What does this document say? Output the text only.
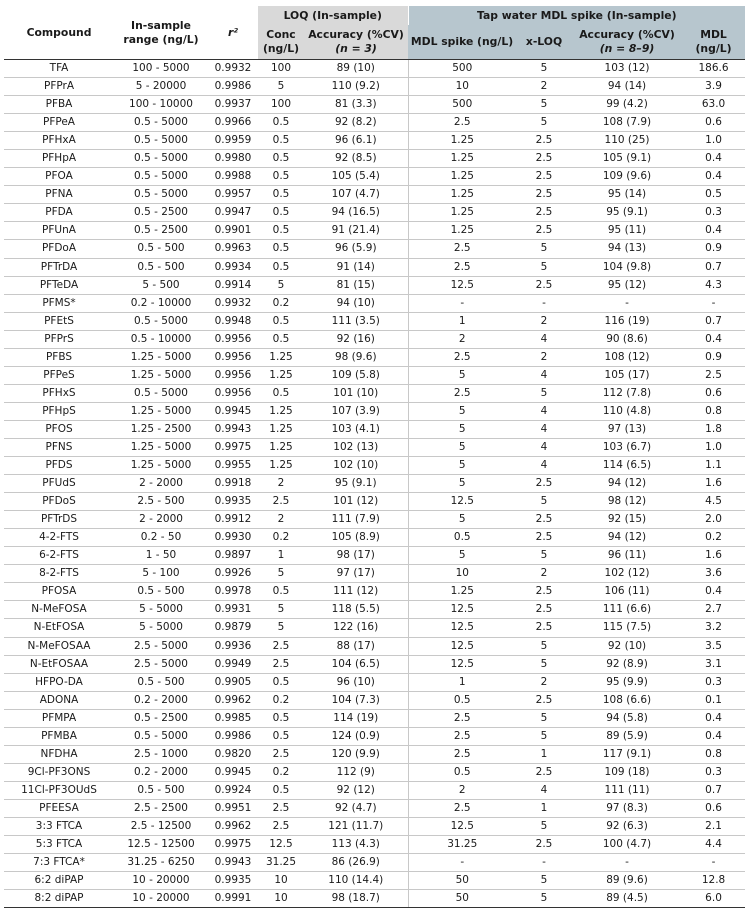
Compound	In-sample
range (ng/L)	r²	LOQ (In-sample)		Tap water MDL spike (In-sample)			
			Conc
(ng/L)	Accuracy (%CV)
(n = 3)	MDL spike (ng/L)	x-LOQ	Accuracy (%CV)
(n = 8–9)	MDL
(ng/L)
TFA	100 - 5000	0.9932	100	89 (10)	500	5	103 (12)	186.6
PFPrA	5 - 20000	0.9986	5	110 (9.2)	10	2	94 (14)	3.9
PFBA	100 - 10000	0.9937	100	81 (3.3)	500	5	99 (4.2)	63.0
PFPeA	0.5 - 5000	0.9966	0.5	92 (8.2)	2.5	5	108 (7.9)	0.6
PFHxA	0.5 - 5000	0.9959	0.5	96 (6.1)	1.25	2.5	110 (25)	1.0
PFHpA	0.5 - 5000	0.9980	0.5	92 (8.5)	1.25	2.5	105 (9.1)	0.4
PFOA	0.5 - 5000	0.9988	0.5	105 (5.4)	1.25	2.5	109 (9.6)	0.4
PFNA	0.5 - 5000	0.9957	0.5	107 (4.7)	1.25	2.5	95 (14)	0.5
PFDA	0.5 - 2500	0.9947	0.5	94 (16.5)	1.25	2.5	95 (9.1)	0.3
PFUnA	0.5 - 2500	0.9901	0.5	91 (21.4)	1.25	2.5	95 (11)	0.4
PFDoA	0.5 - 500	0.9963	0.5	96 (5.9)	2.5	5	94 (13)	0.9
PFTrDA	0.5 - 500	0.9934	0.5	91 (14)	2.5	5	104 (9.8)	0.7
PFTeDA	5 - 500	0.9914	5	81 (15)	12.5	2.5	95 (12)	4.3
PFMS*	0.2 - 10000	0.9932	0.2	94 (10)	-	-	-	-
PFEtS	0.5 - 5000	0.9948	0.5	111 (3.5)	1	2	116 (19)	0.7
PFPrS	0.5 - 10000	0.9956	0.5	92 (16)	2	4	90 (8.6)	0.4
PFBS	1.25 - 5000	0.9956	1.25	98 (9.6)	2.5	2	108 (12)	0.9
PFPeS	1.25 - 5000	0.9956	1.25	109 (5.8)	5	4	105 (17)	2.5
PFHxS	0.5 - 5000	0.9956	0.5	101 (10)	2.5	5	112 (7.8)	0.6
PFHpS	1.25 - 5000	0.9945	1.25	107 (3.9)	5	4	110 (4.8)	0.8
PFOS	1.25 - 2500	0.9943	1.25	103 (4.1)	5	4	97 (13)	1.8
PFNS	1.25 - 5000	0.9975	1.25	102 (13)	5	4	103 (6.7)	1.0
PFDS	1.25 - 5000	0.9955	1.25	102 (10)	5	4	114 (6.5)	1.1
PFUdS	2 - 2000	0.9918	2	95 (9.1)	5	2.5	94 (12)	1.6
PFDoS	2.5 - 500	0.9935	2.5	101 (12)	12.5	5	98 (12)	4.5
PFTrDS	2 - 2000	0.9912	2	111 (7.9)	5	2.5	92 (15)	2.0
4-2-FTS	0.2 - 50	0.9930	0.2	105 (8.9)	0.5	2.5	94 (12)	0.2
6-2-FTS	1 - 50	0.9897	1	98 (17)	5	5	96 (11)	1.6
8-2-FTS	5 - 100	0.9926	5	97 (17)	10	2	102 (12)	3.6
PFOSA	0.5 - 500	0.9978	0.5	111 (12)	1.25	2.5	106 (11)	0.4
N-MeFOSA	5 - 5000	0.9931	5	118 (5.5)	12.5	2.5	111 (6.6)	2.7
N-EtFOSA	5 - 5000	0.9879	5	122 (16)	12.5	2.5	115 (7.5)	3.2
N-MeFOSAA	2.5 - 5000	0.9936	2.5	88 (17)	12.5	5	92 (10)	3.5
N-EtFOSAA	2.5 - 5000	0.9949	2.5	104 (6.5)	12.5	5	92 (8.9)	3.1
HFPO-DA	0.5 - 500	0.9905	0.5	96 (10)	1	2	95 (9.9)	0.3
ADONA	0.2 - 2000	0.9962	0.2	104 (7.3)	0.5	2.5	108 (6.6)	0.1
PFMPA	0.5 - 2500	0.9985	0.5	114 (19)	2.5	5	94 (5.8)	0.4
PFMBA	0.5 - 5000	0.9986	0.5	124 (0.9)	2.5	5	89 (5.9)	0.4
NFDHA	2.5 - 1000	0.9820	2.5	120 (9.9)	2.5	1	117 (9.1)	0.8
9Cl-PF3ONS	0.2 - 2000	0.9945	0.2	112 (9)	0.5	2.5	109 (18)	0.3
11Cl-PF3OUdS	0.5 - 500	0.9924	0.5	92 (12)	2	4	111 (11)	0.7
PFEESA	2.5 - 2500	0.9951	2.5	92 (4.7)	2.5	1	97 (8.3)	0.6
3:3 FTCA	2.5 - 12500	0.9962	2.5	121 (11.7)	12.5	5	92 (6.3)	2.1
5:3 FTCA	12.5 - 12500	0.9975	12.5	113 (4.3)	31.25	2.5	100 (4.7)	4.4
7:3 FTCA*	31.25 - 6250	0.9943	31.25	86 (26.9)	-	-	-	-
6:2 diPAP	10 - 20000	0.9935	10	110 (14.4)	50	5	89 (9.6)	12.8
8:2 diPAP	10 - 20000	0.9991	10	98 (18.7)	50	5	89 (4.5)	6.0
